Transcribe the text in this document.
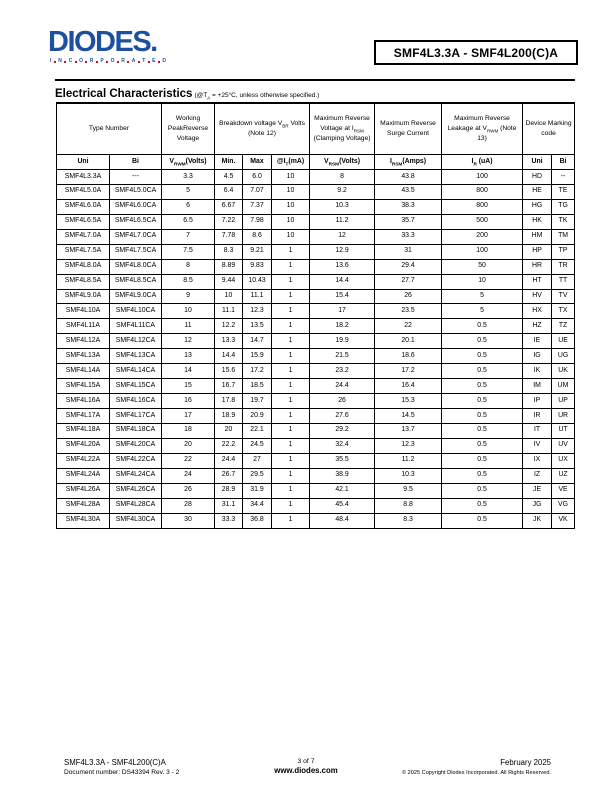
DIODES.
I N C O R P O R A T E D
SMF4L3.3A - SMF4L200(C)A
Electrical Characteristics ($@T_A = +25^\circ C$, unless otherwise specified.)
Type Number		Working PeakReverse Voltage	Breakdown voltage $V_{BR}$ Volts (Note 12)			Maximum Reverse Voltage at $I_{RSM}$ (Clamping Voltage)	Maximum Reverse Surge Current	Maximum Reverse Leakage at $V_{RWM}$ (Note 13)	Device Marking code	
Uni	Bi	$V_{RWM}(Volts)$	Min.	Max	$@I_T(mA)$	$V_{RSM}(Volts)$	$I_{RSM}(Amps)$	$I_R$ (uA)	Uni	Bi
SMF4L3.3A	---	3.3	4.5	6.0	10	8	43.8	100	HD	--
SMF4L5.0A	SMF4L5.0CA	5	6.4	7.07	10	9.2	43.5	800	HE	TE
SMF4L6.0A	SMF4L6.0CA	6	6.67	7.37	10	10.3	38.3	800	HG	TG
SMF4L6.5A	SMF4L6.5CA	6.5	7.22	7.98	10	11.2	35.7	500	HK	TK
SMF4L7.0A	SMF4L7.0CA	7	7.78	8.6	10	12	33.3	200	HM	TM
SMF4L7.5A	SMF4L7.5CA	7.5	8.3	9.21	1	12.9	31	100	HP	TP
SMF4L8.0A	SMF4L8.0CA	8	8.89	9.83	1	13.6	29.4	50	HR	TR
SMF4L8.5A	SMF4L8.5CA	8.5	9.44	10.43	1	14.4	27.7	10	HT	TT
SMF4L9.0A	SMF4L9.0CA	9	10	11.1	1	15.4	26	5	HV	TV
SMF4L10A	SMF4L10CA	10	11.1	12.3	1	17	23.5	5	HX	TX
SMF4L11A	SMF4L11CA	11	12.2	13.5	1	18.2	22	0.5	HZ	TZ
SMF4L12A	SMF4L12CA	12	13.3	14.7	1	19.9	20.1	0.5	IE	UE
SMF4L13A	SMF4L13CA	13	14.4	15.9	1	21.5	18.6	0.5	IG	UG
SMF4L14A	SMF4L14CA	14	15.6	17.2	1	23.2	17.2	0.5	IK	UK
SMF4L15A	SMF4L15CA	15	16.7	18.5	1	24.4	16.4	0.5	IM	UM
SMF4L16A	SMF4L16CA	16	17.8	19.7	1	26	15.3	0.5	IP	UP
SMF4L17A	SMF4L17CA	17	18.9	20.9	1	27.6	14.5	0.5	IR	UR
SMF4L18A	SMF4L18CA	18	20	22.1	1	29.2	13.7	0.5	IT	UT
SMF4L20A	SMF4L20CA	20	22.2	24.5	1	32.4	12.3	0.5	IV	UV
SMF4L22A	SMF4L22CA	22	24.4	27	1	35.5	11.2	0.5	IX	UX
SMF4L24A	SMF4L24CA	24	26.7	29.5	1	38.9	10.3	0.5	IZ	UZ
SMF4L26A	SMF4L26CA	26	28.9	31.9	1	42.1	9.5	0.5	JE	VE
SMF4L28A	SMF4L28CA	28	31.1	34.4	1	45.4	8.8	0.5	JG	VG
SMF4L30A	SMF4L30CA	30	33.3	36.8	1	48.4	8.3	0.5	JK	VK
SMF4L3.3A - SMF4L200(C)A
Document number: DS43394 Rev. 3 - 2
3 of 7
www.diodes.com
February 2025
© 2025 Copyright Diodes Incorporated. All Rights Reserved.
